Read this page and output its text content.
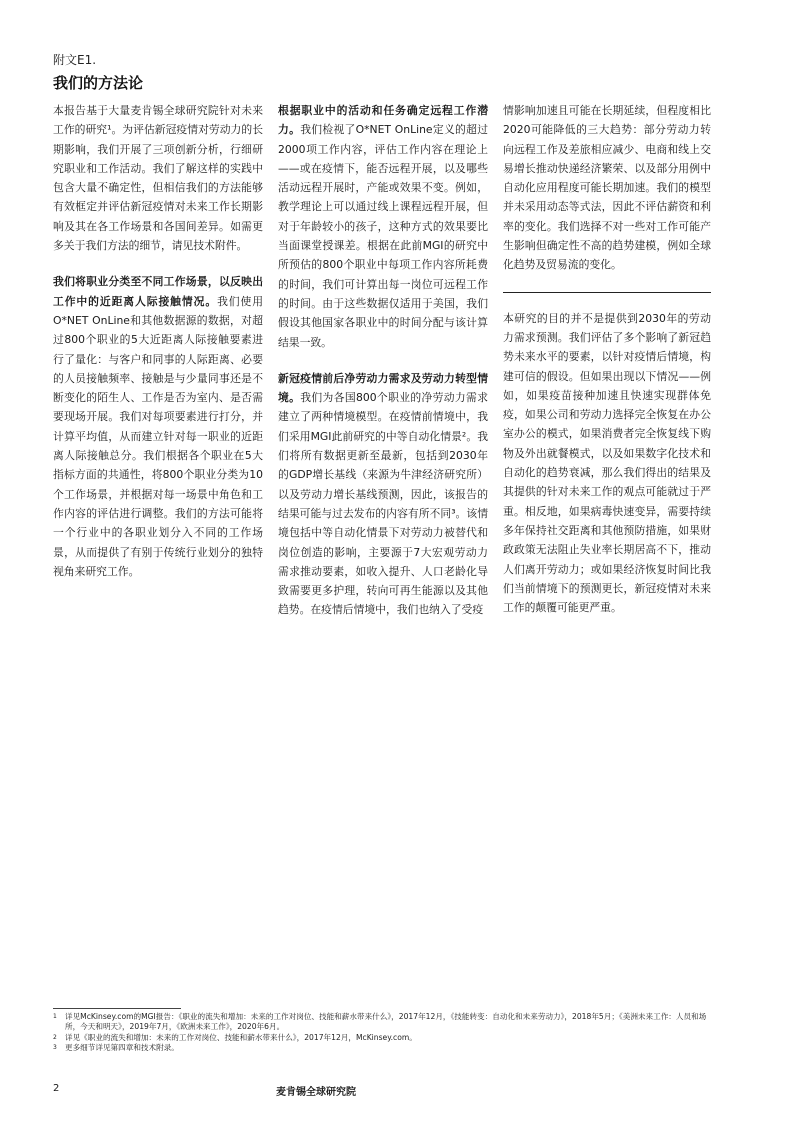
附文E1.
我们的方法论

本报告基于大量麦肯锡全球研究院针对未来工作的研究¹。为评估新冠疫情对劳动力的长期影响，我们开展了三项创新分析，行细研究职业和工作活动。我们了解这样的实践中包含大量不确定性，但相信我们的方法能够有效框定并评估新冠疫情对未来工作长期影响及其在各工作场景和各国间差异。如需更多关于我们方法的细节，请见技术附件。

我们将职业分类至不同工作场景，以反映出工作中的近距离人际接触情况。我们使用O*NET OnLine和其他数据源的数据，对超过800个职业的5大近距离人际接触要素进行了量化：与客户和同事的人际距离、必要的人员接触频率、接触是与少量同事还是不断变化的陌生人、工作是否为室内、是否需要现场开展。我们对每项要素进行打分，并计算平均值，从而建立针对每一职业的近距离人际接触总分。我们根据各个职业在5大指标方面的共通性，将800个职业分类为10个工作场景，并根据对每一场景中角色和工作内容的评估进行调整。我们的方法可能将一个行业中的各职业划分入不同的工作场景，从而提供了有别于传统行业划分的独特视角来研究工作。

根据职业中的活动和任务确定远程工作潜力。我们检视了O*NET OnLine定义的超过2000项工作内容，评估工作内容在理论上——或在疫情下，能否远程开展，以及哪些活动远程开展时，产能或效果不变。例如，教学理论上可以通过线上课程远程开展，但对于年龄较小的孩子，这种方式的效果要比当面课堂授课差。根据在此前MGI的研究中所预估的800个职业中每项工作内容所耗费的时间，我们可计算出每一岗位可远程工作的时间。由于这些数据仅适用于美国，我们假设其他国家各职业中的时间分配与该计算结果一致。

新冠疫情前后净劳动力需求及劳动力转型情境。我们为各国800个职业的净劳动力需求建立了两种情境模型。在疫情前情境中，我们采用MGI此前研究的中等自动化情景²。我们将所有数据更新至最新，包括到2030年的GDP增长基线（来源为牛津经济研究所）以及劳动力增长基线预测，因此，该报告的结果可能与过去发布的内容有所不同³。该情境包括中等自动化情景下对劳动力被替代和岗位创造的影响，主要源于7大宏观劳动力需求推动要素，如收入提升、人口老龄化导致需要更多护理，转向可再生能源以及其他趋势。在疫情后情境中，我们也纳入了受疫

情影响加速且可能在长期延续，但程度相比2020可能降低的三大趋势：部分劳动力转向远程工作及差旅相应减少、电商和线上交易增长推动快递经济繁荣、以及部分用例中自动化应用程度可能长期加速。我们的模型并未采用动态等式法，因此不评估薪资和利率的变化。我们选择不对一些对工作可能产生影响但确定性不高的趋势建模，例如全球化趋势及贸易流的变化。

本研究的目的并不是提供到2030年的劳动力需求预测。我们评估了多个影响了新冠趋势未来水平的要素，以针对疫情后情境，构建可信的假设。但如果出现以下情况——例如，如果疫苗接种加速且快速实现群体免疫，如果公司和劳动力选择完全恢复在办公室办公的模式，如果消费者完全恢复线下购物及外出就餐模式，以及如果数字化技术和自动化的趋势衰减，那么我们得出的结果及其提供的针对未来工作的观点可能就过于严重。相反地，如果病毒快速变异，需要持续多年保持社交距离和其他预防措施，如果财政政策无法阻止失业率长期居高不下，推动人们离开劳动力；或如果经济恢复时间比我们当前情境下的预测更长，新冠疫情对未来工作的颠覆可能更严重。

1	详见McKinsey.com的MGI报告：《职业的流失和增加：未来的工作对岗位、技能和薪水带来什么》，2017年12月，《技能转变：自动化和未来劳动力》，2018年5月；《美洲未来工作：人员和场所，今天和明天》，2019年7月，《欧洲未来工作》，2020年6月。
2	详见《职业的流失和增加：未来的工作对岗位、技能和薪水带来什么》，2017年12月，McKinsey.com。
3	更多细节详见第四章和技术附录。
2	麦肯锡全球研究院
